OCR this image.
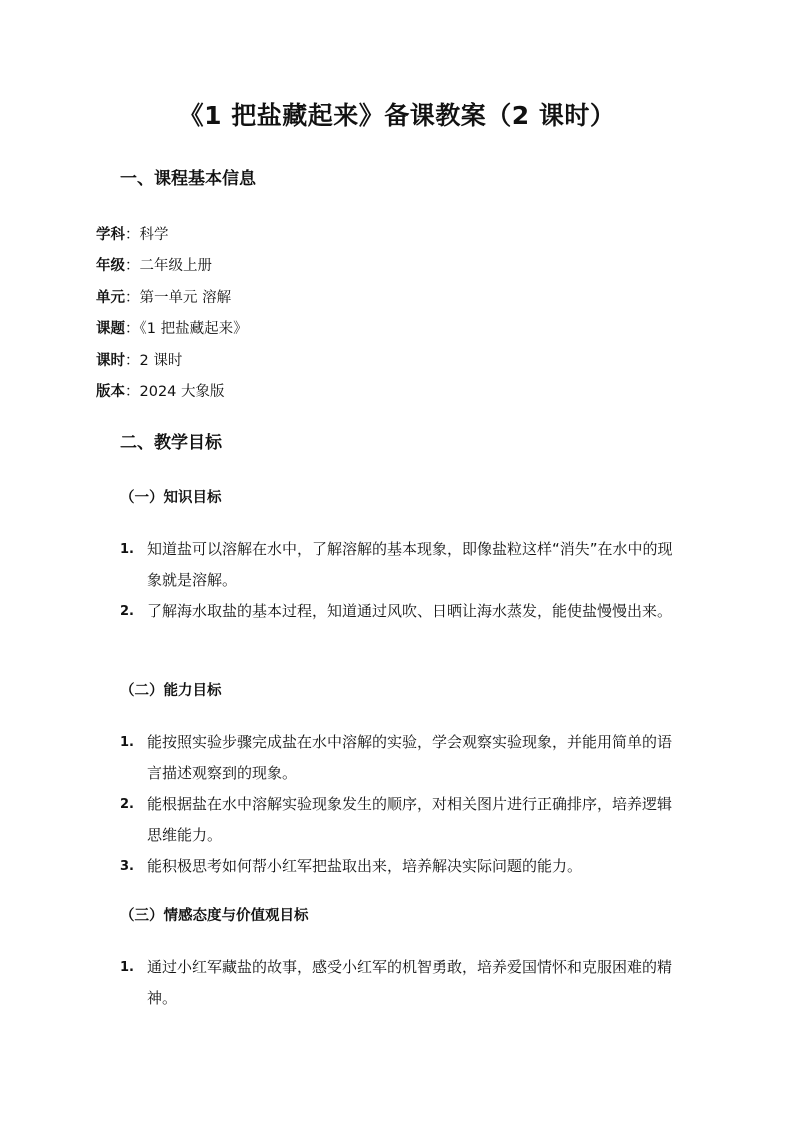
《1 把盐藏起来》备课教案（2 课时）
一、课程基本信息
学科：科学
年级：二年级上册
单元：第一单元 溶解
课题：《1 把盐藏起来》
课时：2 课时
版本：2024 大象版
二、教学目标
（一）知识目标
1. 知道盐可以溶解在水中，了解溶解的基本现象，即像盐粒这样“消失”在水中的现象就是溶解。
2. 了解海水取盐的基本过程，知道通过风吹、日晒让海水蒸发，能使盐慢慢出来。
（二）能力目标
1. 能按照实验步骤完成盐在水中溶解的实验，学会观察实验现象，并能用简单的语言描述观察到的现象。
2. 能根据盐在水中溶解实验现象发生的顺序，对相关图片进行正确排序，培养逻辑思维能力。
3. 能积极思考如何帮小红军把盐取出来，培养解决实际问题的能力。
（三）情感态度与价值观目标
1. 通过小红军藏盐的故事，感受小红军的机智勇敢，培养爱国情怀和克服困难的精神。
